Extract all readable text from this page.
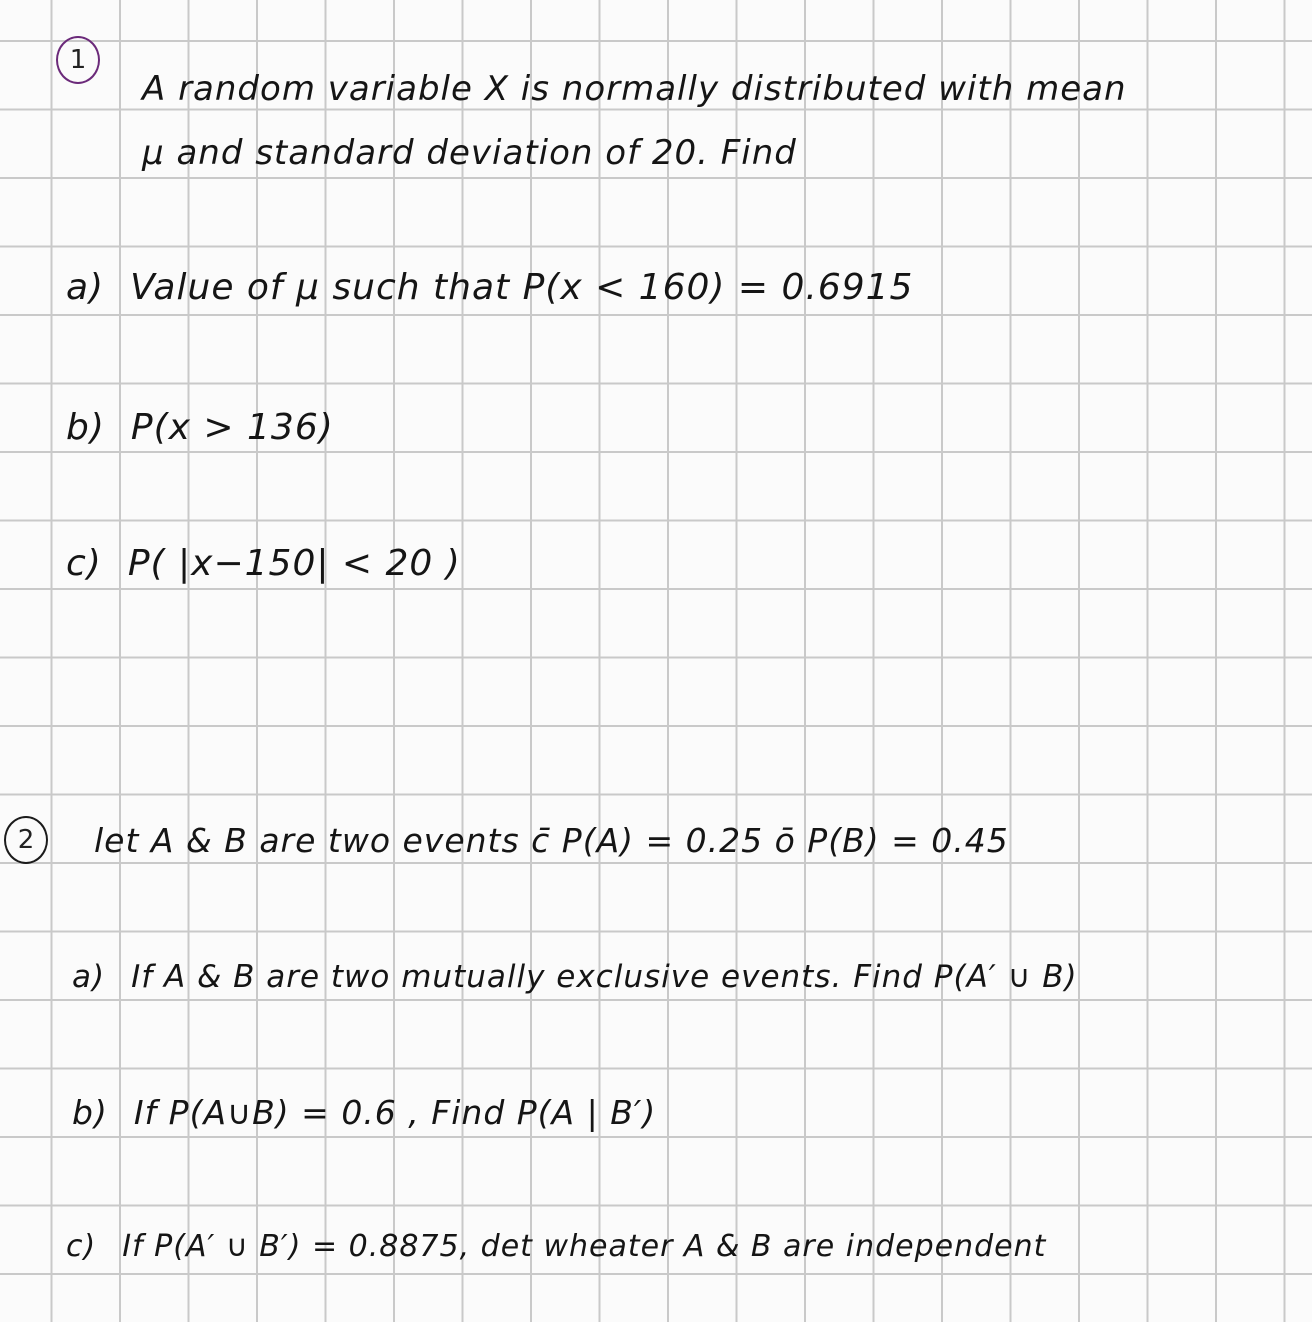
1
A random variable X is normally distributed with mean
μ and standard deviation of 20. Find
a) Value of μ such that P(x < 160) = 0.6915
b) P(x > 136)
c) P( |x−150| < 20 )
2 let A & B are two events c̄ P(A) = 0.25 ō P(B) = 0.45
a) If A & B are two mutually exclusive events. Find P(A′ ∪ B)
b) If P(A∪B) = 0.6 , Find P(A | B′)
c) If P(A′ ∪ B′) = 0.8875, det wheater A & B are independent
